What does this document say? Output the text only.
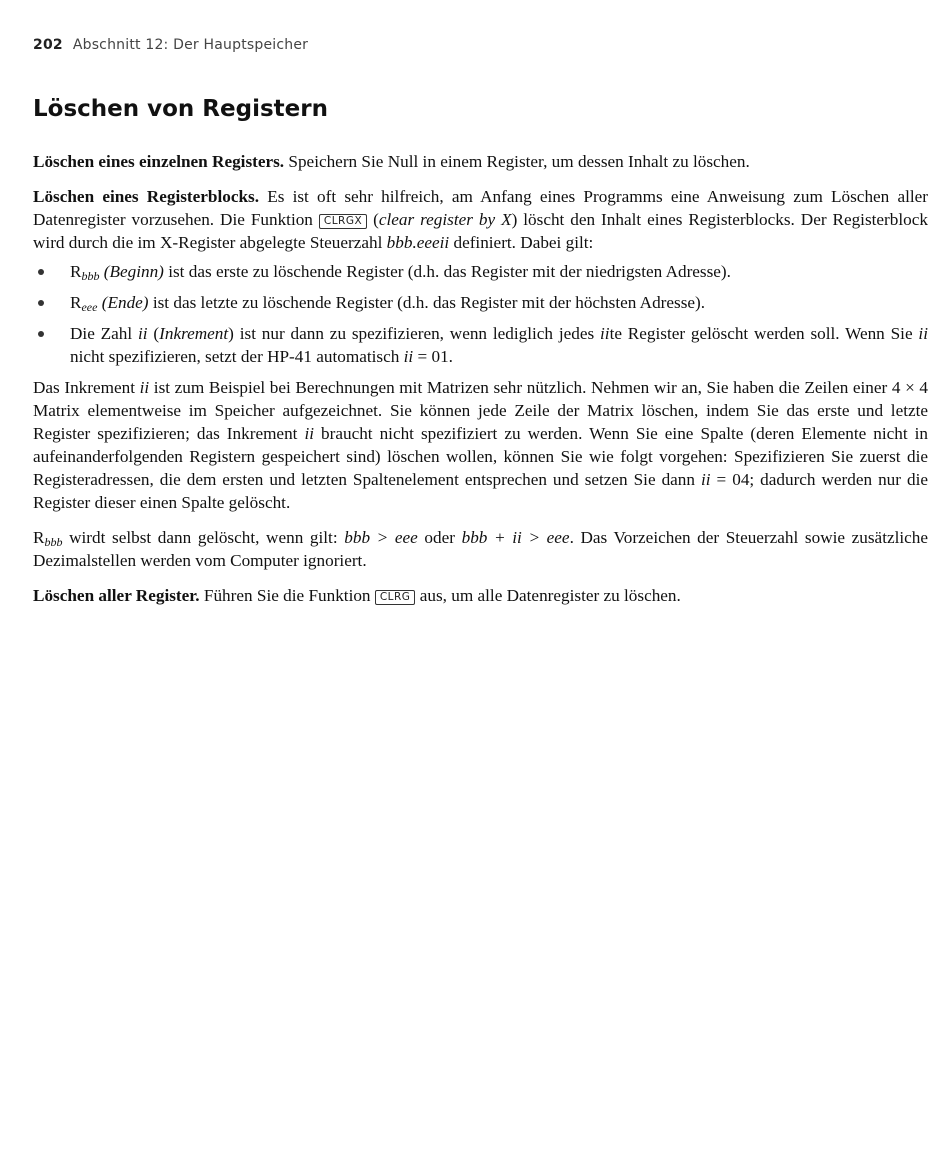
202 Abschnitt 12: Der Hauptspeicher
Löschen von Registern

Löschen eines einzelnen Registers. Speichern Sie Null in einem Register, um dessen Inhalt zu löschen.

Löschen eines Registerblocks. Es ist oft sehr hilfreich, am Anfang eines Programms eine Anweisung zum Löschen aller Datenregister vorzusehen. Die Funktion CLRGX (clear register by X) löscht den Inhalt eines Registerblocks. Der Registerblock wird durch die im X-Register abgelegte Steuerzahl bbb.eeeii definiert. Dabei gilt:

$R_{bbb}$ (Beginn) ist das erste zu löschende Register (d.h. das Register mit der niedrigsten Adresse).
$R_{eee}$ (Ende) ist das letzte zu löschende Register (d.h. das Register mit der höchsten Adresse).
Die Zahl ii (Inkrement) ist nur dann zu spezifizieren, wenn lediglich jedes iite Register gelöscht werden soll. Wenn Sie ii nicht spezifizieren, setzt der HP-41 automatisch ii = 01.

Das Inkrement ii ist zum Beispiel bei Berechnungen mit Matrizen sehr nützlich. Nehmen wir an, Sie haben die Zeilen einer 4 × 4 Matrix elementweise im Speicher aufgezeichnet. Sie können jede Zeile der Matrix löschen, indem Sie das erste und letzte Register spezifizieren; das Inkrement ii braucht nicht spezifiziert zu werden. Wenn Sie eine Spalte (deren Elemente nicht in aufeinanderfolgenden Registern gespeichert sind) löschen wollen, können Sie wie folgt vorgehen: Spezifizieren Sie zuerst die Registeradressen, die dem ersten und letzten Spaltenelement entsprechen und setzen Sie dann ii = 04; dadurch werden nur die Register dieser einen Spalte gelöscht.

$R_{bbb}$ wirdt selbst dann gelöscht, wenn gilt: bbb > eee oder bbb + ii > eee. Das Vorzeichen der Steuerzahl sowie zusätzliche Dezimalstellen werden vom Computer ignoriert.

Löschen aller Register. Führen Sie die Funktion CLRG aus, um alle Datenregister zu löschen.
